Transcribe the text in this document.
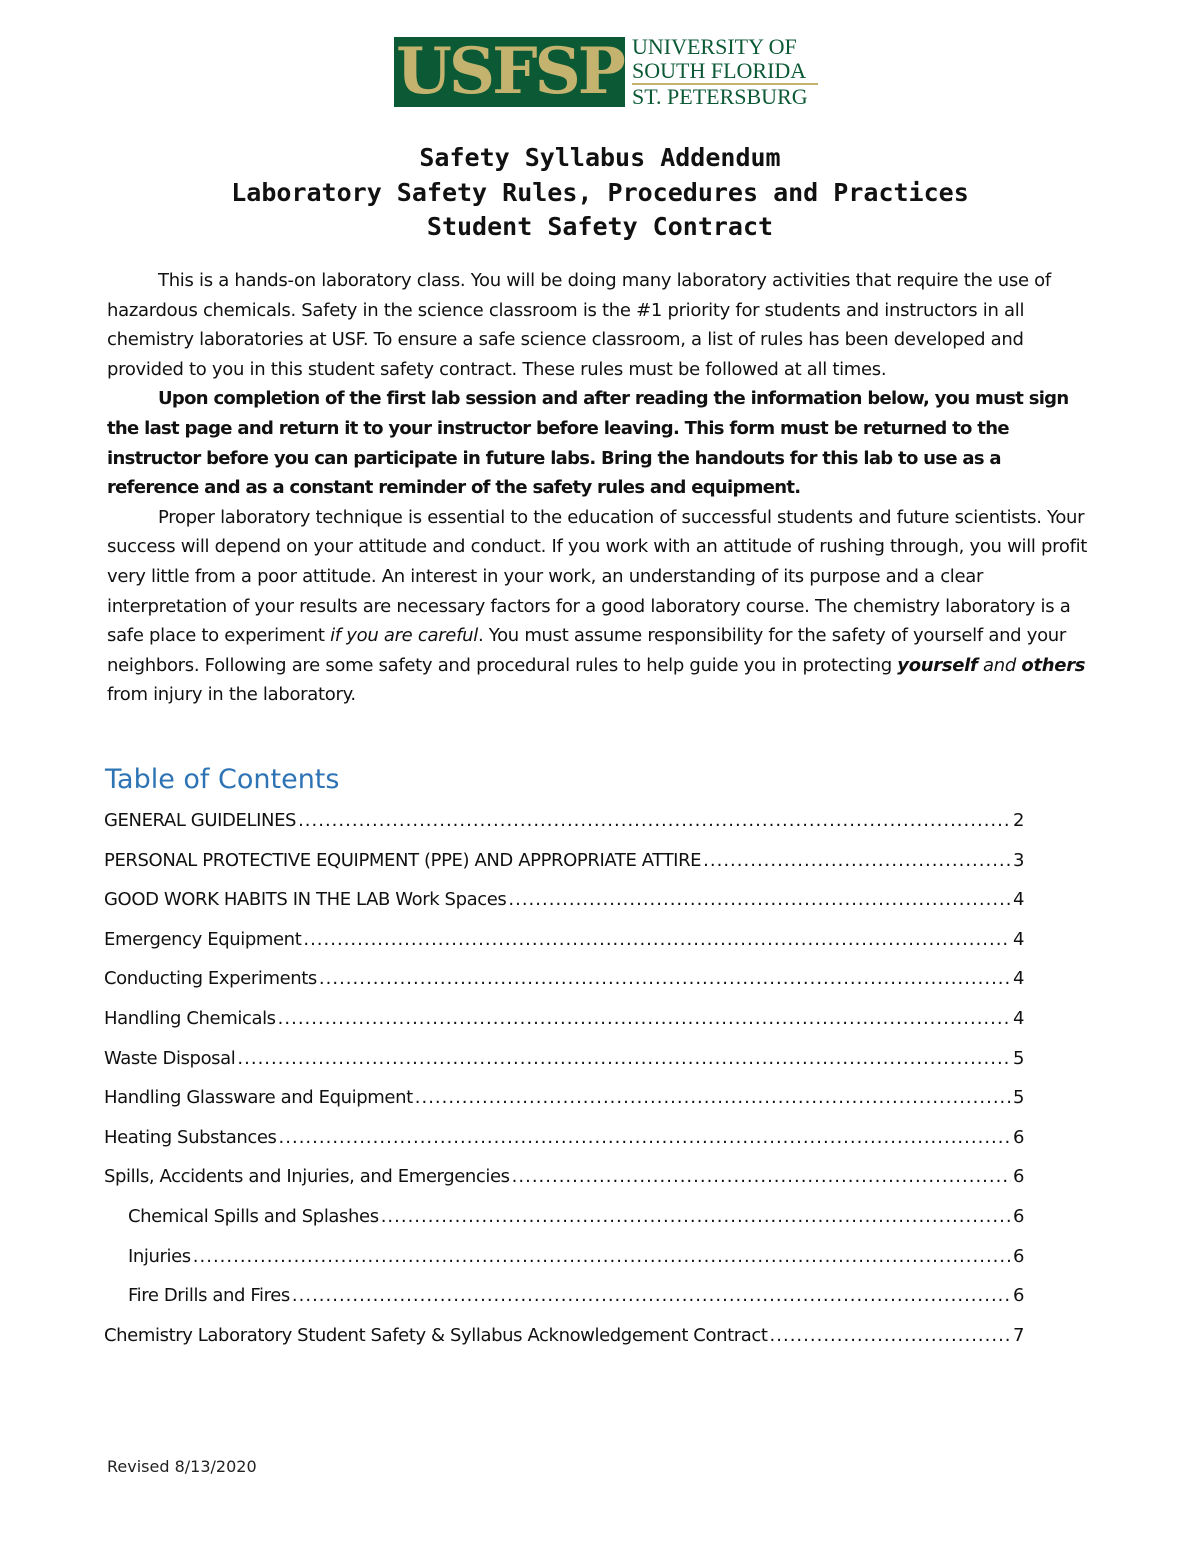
USFSP UNIVERSITY OF
SOUTH FLORIDA
ST. PETERSBURG
Safety Syllabus Addendum
Laboratory Safety Rules, Procedures and Practices
Student Safety Contract

This is a hands-on laboratory class. You will be doing many laboratory activities that require the use of hazardous chemicals. Safety in the science classroom is the #1 priority for students and instructors in all chemistry laboratories at USF. To ensure a safe science classroom, a list of rules has been developed and provided to you in this student safety contract. These rules must be followed at all times.

Upon completion of the first lab session and after reading the information below, you must sign the last page and return it to your instructor before leaving. This form must be returned to the instructor before you can participate in future labs. Bring the handouts for this lab to use as a reference and as a constant reminder of the safety rules and equipment.

Proper laboratory technique is essential to the education of successful students and future scientists. Your success will depend on your attitude and conduct. If you work with an attitude of rushing through, you will profit very little from a poor attitude. An interest in your work, an understanding of its purpose and a clear interpretation of your results are necessary factors for a good laboratory course. The chemistry laboratory is a safe place to experiment if you are careful. You must assume responsibility for the safety of yourself and your neighbors. Following are some safety and procedural rules to help guide you in protecting yourself and others from injury in the laboratory.

Table of Contents
GENERAL GUIDELINES .....	2
PERSONAL PROTECTIVE EQUIPMENT (PPE) AND APPROPRIATE ATTIRE .....	3
GOOD WORK HABITS IN THE LAB Work Spaces .....	4
Emergency Equipment .....	4
Conducting Experiments .....	4
Handling Chemicals .....	4
Waste Disposal .....	5
Handling Glassware and Equipment .....	5
Heating Substances .....	6
Spills, Accidents and Injuries, and Emergencies .....	6
Chemical Spills and Splashes .....	6
Injuries .....	6
Fire Drills and Fires .....	6
Chemistry Laboratory Student Safety & Syllabus Acknowledgement Contract .....	7
Revised 8/13/2020
